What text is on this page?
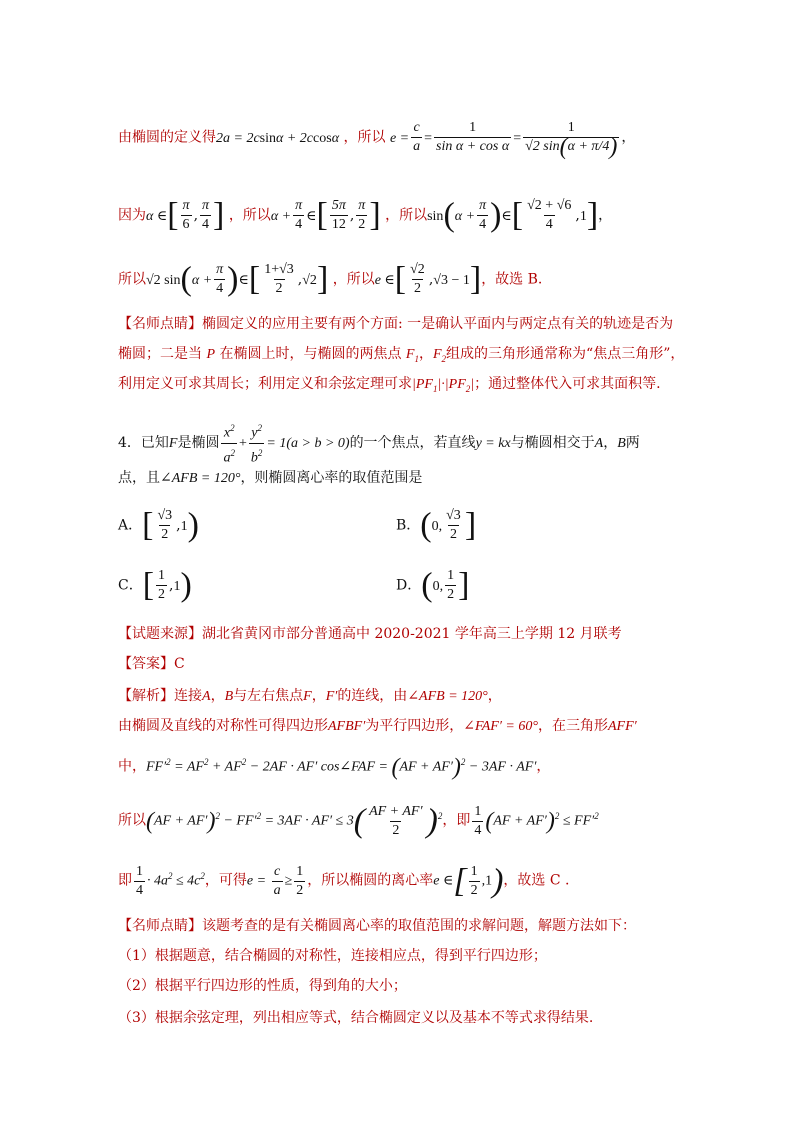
由椭圆的定义得2a = 2csinα + 2ccosα ，所以 $e = \frac{c}{a} = \frac{1}{\text{sin α + cos α}} = \frac{1}{√2 \sin(\alpha + \pi/4)}$ ，
因为α ∈[ $\frac{\pi}{6}$ , $\frac{\pi}{4}$ ] ，所以$\alpha + \frac{\pi}{4}$ ∈[ $\frac{5\pi}{12}$ , $\frac{\pi}{2}$ ] ，所以$\sin(\alpha + \frac{\pi}{4}$ )∈[ $\frac{√2 + √6}{4} ,1$]，
所以√2 $\sin(\alpha + \frac{\pi}{4}$ )∈[ $\frac{1+√3}{2} ,√2$] ，所以e ∈[ $\frac{√2}{2} ,√3 - 1$]，故选 B.
【名师点睛】椭圆定义的应用主要有两个方面: 一是确认平面内与两定点有关的轨迹是否为
椭圆；二是当 P 在椭圆上时，与椭圆的两焦点 $F_1$，$F_2$组成的三角形通常称为“焦点三角形”，
利用定义可求其周长；利用定义和余弦定理可求$|PF_1|\cdot|PF_2|$；通过整体代入可求其面积等.
4．已知F是椭圆 $\frac{x^2}{a^2} + \frac{y^2}{b^2} = 1(a > b > 0)$的一个焦点，若直线y = kx与椭圆相交于A，B两
点，且∠AFB = 120°，则椭圆离心率的取值范围是
A．[ $\frac{√3}{2} ,1$)	B．(0, $\frac{√3}{2}$ ]
C．[ $\frac{1}{2} ,1$)	D．(0, $\frac{1}{2}$ ]
【试题来源】湖北省黄冈市部分普通高中 2020-2021 学年高三上学期 12 月联考
【答案】C
【解析】连接A，B与左右焦点F，F′的连线，由∠AFB = 120°，
由椭圆及直线的对称性可得四边形AFBF′为平行四边形，∠FAF′ = 60°，在三角形AFF′
中，$FF'^2 = AF^2 + AF^2 - 2AF \cdot AF'$ cos∠FAF = (AF + AF′)$^2$ − 3AF · AF′，
所以$(AF + AF')^2 - FF'^2 = 3AF \cdot AF' \le 3( \frac{AF + AF'}{2} )^2$，即 $\frac{1}{4} (AF + AF')^2 \le FF'^2$
即 $\frac{1}{4} \cdot 4a^2 \le 4c^2$，可得$e = \frac{c}{a} \ge \frac{1}{2}$ ，所以椭圆的离心率e ∈[ $\frac{1}{2} ,1$)，故选 C .
【名师点睛】该题考查的是有关椭圆离心率的取值范围的求解问题，解题方法如下：
（1）根据题意，结合椭圆的对称性，连接相应点，得到平行四边形；
（2）根据平行四边形的性质，得到角的大小；
（3）根据余弦定理，列出相应等式，结合椭圆定义以及基本不等式求得结果.
